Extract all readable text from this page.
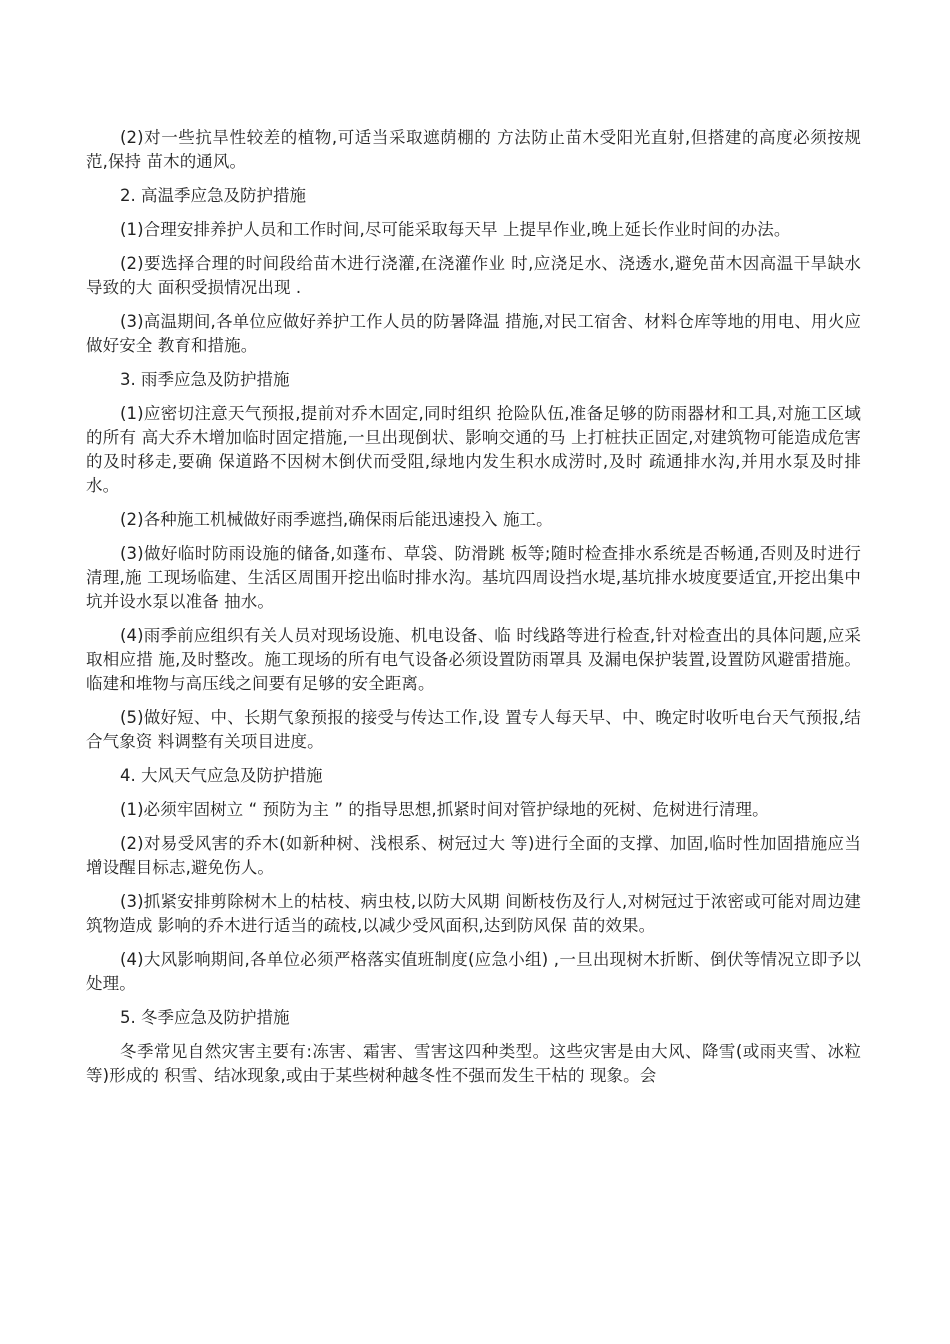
(2)对一些抗旱性较差的植物,可适当采取遮荫棚的 方法防止苗木受阳光直射,但搭建的高度必须按规范,保持 苗木的通风。

2. 高温季应急及防护措施

(1)合理安排养护人员和工作时间,尽可能采取每天早 上提早作业,晚上延长作业时间的办法。

(2)要选择合理的时间段给苗木进行浇灌,在浇灌作业 时,应浇足水、浇透水,避免苗木因高温干旱缺水导致的大 面积受损情况出现 .

(3)高温期间,各单位应做好养护工作人员的防暑降温 措施,对民工宿舍、材料仓库等地的用电、用火应做好安全 教育和措施。

3. 雨季应急及防护措施

(1)应密切注意天气预报,提前对乔木固定,同时组织 抢险队伍,准备足够的防雨器材和工具,对施工区域的所有 高大乔木增加临时固定措施,一旦出现倒状、影响交通的马 上打桩扶正固定,对建筑物可能造成危害的及时移走,要确 保道路不因树木倒伏而受阻,绿地内发生积水成涝时,及时 疏通排水沟,并用水泵及时排水。

(2)各种施工机械做好雨季遮挡,确保雨后能迅速投入 施工。

(3)做好临时防雨设施的储备,如蓬布、草袋、防滑跳 板等;随时检查排水系统是否畅通,否则及时进行清理,施 工现场临建、生活区周围开挖出临时排水沟。基坑四周设挡水堤,基坑排水坡度要适宜,开挖出集中坑并设水泵以准备 抽水。

(4)雨季前应组织有关人员对现场设施、机电设备、临 时线路等进行检查,针对检查出的具体问题,应采取相应措 施,及时整改。施工现场的所有电气设备必须设置防雨罩具 及漏电保护装置,设置防风避雷措施。临建和堆物与高压线之间要有足够的安全距离。

(5)做好短、中、长期气象预报的接受与传达工作,设 置专人每天早、中、晚定时收听电台天气预报,结合气象资 料调整有关项目进度。

4. 大风天气应急及防护措施

(1)必须牢固树立 “ 预防为主 ” 的指导思想,抓紧时间对管护绿地的死树、危树进行清理。

(2)对易受风害的乔木(如新种树、浅根系、树冠过大 等)进行全面的支撑、加固,临时性加固措施应当增设醒目标志,避免伤人。

(3)抓紧安排剪除树木上的枯枝、病虫枝,以防大风期 间断枝伤及行人,对树冠过于浓密或可能对周边建筑物造成 影响的乔木进行适当的疏枝,以减少受风面积,达到防风保 苗的效果。

(4)大风影响期间,各单位必须严格落实值班制度(应急小组) ,一旦出现树木折断、倒伏等情况立即予以处理。

5. 冬季应急及防护措施

冬季常见自然灾害主要有:冻害、霜害、雪害这四种类型。这些灾害是由大风、降雪(或雨夹雪、冰粒等)形成的 积雪、结冰现象,或由于某些树种越冬性不强而发生干枯的 现象。会
